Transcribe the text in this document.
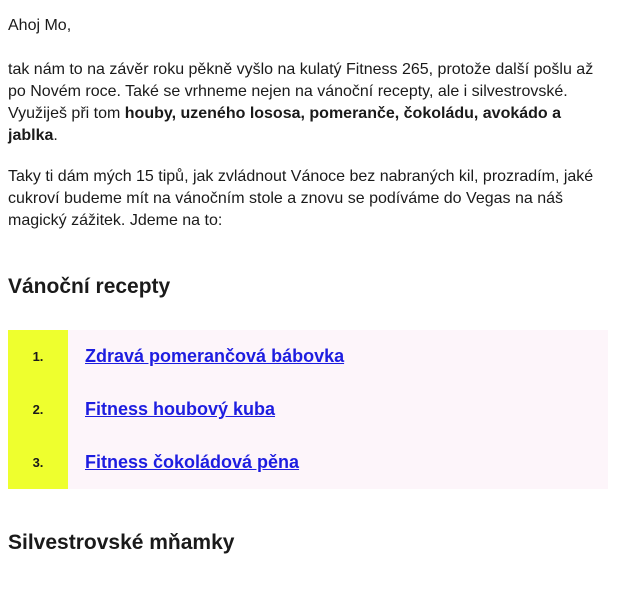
Ahoj Mo,

tak nám to na závěr roku pěkně vyšlo na kulatý Fitness 265, protože další pošlu až po Novém roce. Také se vrhneme nejen na vánoční recepty, ale i silvestrovské. Využiješ při tom houby, uzeného lososa, pomeranče, čokoládu, avokádo a jablka.

Taky ti dám mých 15 tipů, jak zvládnout Vánoce bez nabraných kil, prozradím, jaké cukroví budeme mít na vánočním stole a znovu se podíváme do Vegas na náš magický zážitek. Jdeme na to:

Vánoční recepty
1.	Zdravá pomerančová bábovka
2.	Fitness houbový kuba
3.	Fitness čokoládová pěna
Silvestrovské mňamky
